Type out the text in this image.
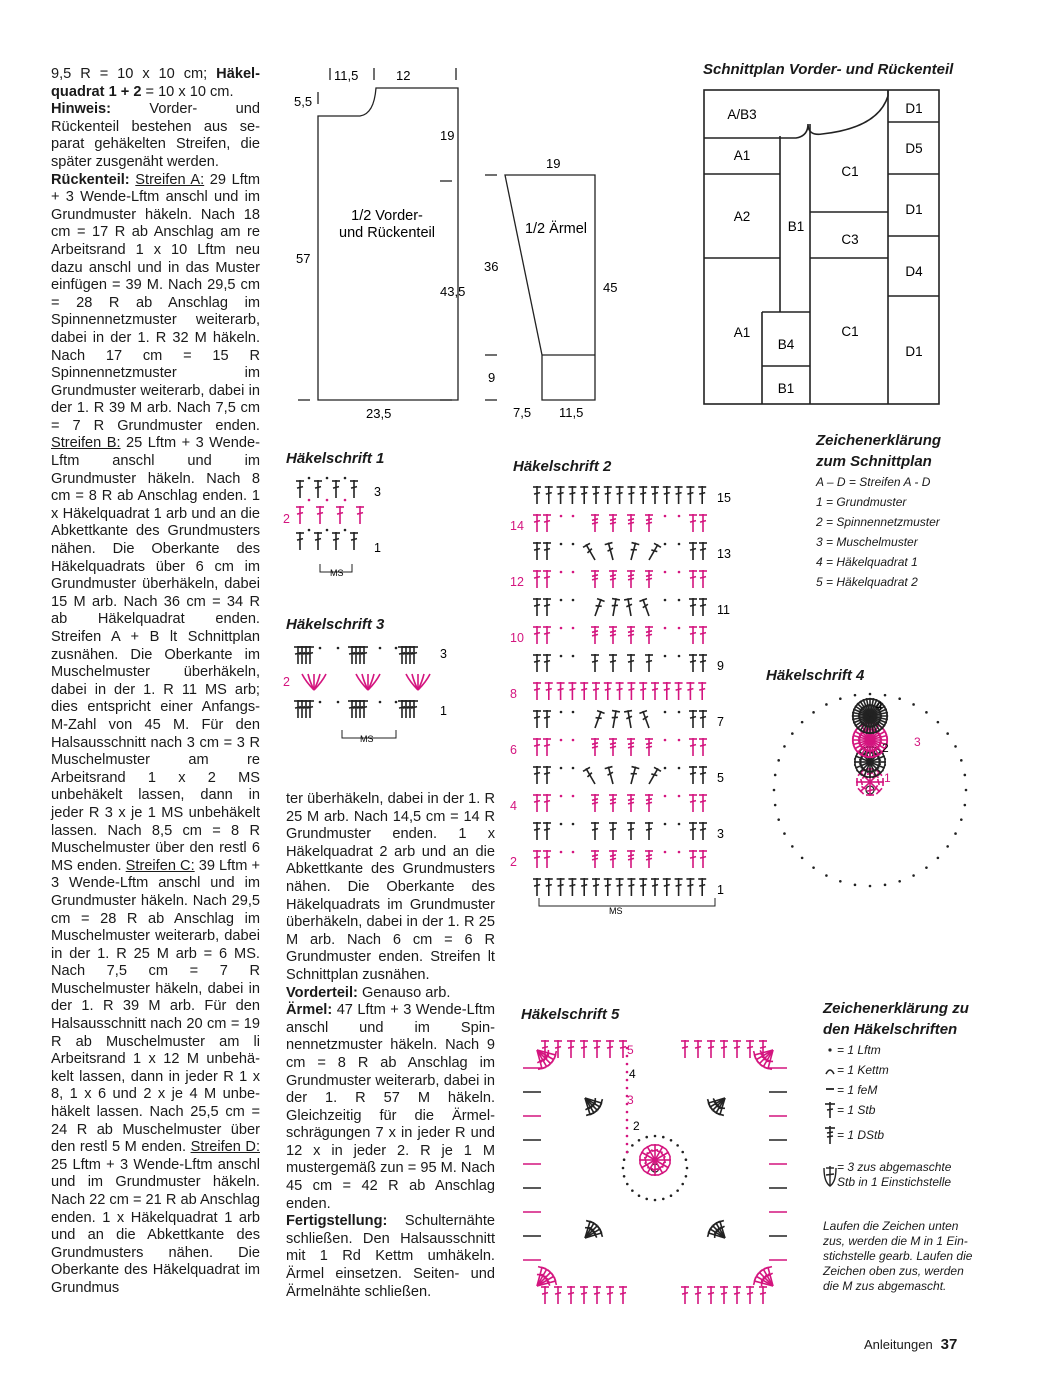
9,5 R = 10 x 10 cm; Häkelquadrat 1 + 2 = 10 x 10 cm.

Hinweis: Vorder- und Rückenteil bestehen aus separat gehäkelten Streifen, die später zusgenäht werden.

Rückenteil: Streifen A: 29 Lftm + 3 Wende-Lftm anschl und im Grundmuster häkeln. Nach 18 cm = 17 R ab Anschlag am re Arbeitsrand 1 x 10 Lftm neu dazu anschl und in das Muster einfügen = 39 M. Nach 29,5 cm = 28 R ab Anschlag im Spinnennetzmuster weiterarb, dabei in der 1. R 32 M häkeln. Nach 17 cm = 15 R Spinnennetzmuster im Grundmuster weiterarb, dabei in der 1. R 39 M arb. Nach 7,5 cm = 7 R Grundmuster enden. Streifen B: 25 Lftm + 3 Wende-Lftm anschl und im Grundmuster häkeln. Nach 8 cm = 8 R ab Anschlag enden. 1 x Häkelquadrat 1 arb und an die Abkettkante des Grundmusters nähen. Die Oberkante des Häkelquadrats über 6 cm im Grundmuster überhäkeln, dabei 15 M arb. Nach 36 cm = 34 R ab Häkelquadrat enden. Streifen A + B lt Schnittplan zusnähen. Die Oberkante im Muschelmuster überhäkeln, dabei in der 1. R 11 MS arb; dies entspricht einer Anfangs-M-Zahl von 45 M. Für den Halsausschnitt nach 3 cm = 3 R Muschelmuster am re Arbeitsrand 1 x 2 MS unbehäkelt lassen, dann in jeder R 3 x je 1 MS unbehäkelt lassen. Nach 8,5 cm = 8 R Muschelmuster über den restl 6 MS enden. Streifen C: 39 Lftm + 3 Wende-Lftm anschl und im Grundmuster häkeln. Nach 29,5 cm = 28 R ab Anschlag im Muschelmuster weiterarb, dabei in der 1. R 25 M arb = 6 MS. Nach 7,5 cm = 7 R Muschelmuster häkeln, dabei in der 1. R 39 M arb. Für den Halsausschnitt nach 20 cm = 19 R ab Muschelmuster am li Arbeitsrand 1 x 12 M unbehäkelt lassen, dann in jeder R 1 x 8, 1 x 6 und 2 x je 4 M unbehäkelt lassen. Nach 25,5 cm = 24 R ab Muschelmuster über den restl 5 M enden. Streifen D: 25 Lftm + 3 Wende-Lftm anschl und im Grundmuster häkeln. Nach 22 cm = 21 R ab Anschlag enden. 1 x Häkelquadrat 1 arb und an die Abkettkante des Grundmusters nähen. Die Oberkante des Häkelquadrat im Grundmus

ter überhäkeln, dabei in der 1. R 25 M arb. Nach 14,5 cm = 14 R Grundmuster enden. 1 x Häkelquadrat 2 arb und an die Abkettkante des Grundmusters nähen. Die Oberkante des Häkelquadrats im Grundmuster überhäkeln, dabei in der 1. R 25 M arb. Nach 6 cm = 6 R Grundmuster enden. Streifen lt Schnittplan zusnähen.

Vorderteil: Genauso arb.

Ärmel: 47 Lftm + 3 Wende-Lftm anschl und im Spinnennetzmuster häkeln. Nach 9 cm = 8 R ab Anschlag im Grundmuster weiterarb, dabei in der 1. R 57 M häkeln. Gleichzeitig für die Ärmelschrägungen 7 x in jeder R und 12 x in jeder 2. R je 1 M mustergemäß zun = 95 M. Nach 45 cm = 42 R ab Anschlag enden.

Fertigstellung: Schulternähte schließen. Den Halsausschnitt mit 1 Rd Kettm umhäkeln. Ärmel einsetzen. Seiten- und Ärmelnähte schließen.

11,5	12
5,5
19
57
43,5
23,5
1/2 Vorder-und Rückenteil
19
36
45
9
7,5 11,5
1/2 Ärmel
Schnittplan Vorder- und Rückenteil
A/B3
A1
A2
A1
B1
B4
B1
C1
C3
C1
D1
D5
D1
D4
D1
Zeichenerklärung
zum Schnittplan
A – D = Streifen A - D
1 = Grundmuster
2 = Spinnennetzmuster
3 = Muschelmuster
4 = Häkelquadrat 1
5 = Häkelquadrat 2
Häkelschrift 1	Häkelschrift 2
Häkelschrift 3
Häkelschrift 4
Häkelschrift 5
3
2
1
MS
3
2
1
MS
15
13
11
9
7
5
3
1
14
12
10
8
6
4
2
MS
4
3
2
1
5
4
3
2
Zeichenerklärung zu
den Häkelschriften
= 1 Lftm
= 1 Kettm
= 1 feM
= 1 Stb
= 1 DStb
= 3 zus abgemaschte
Stb in 1 Einstichstelle
Laufen die Zeichen unten zus, werden die M in 1 Einstichstelle gearb. Laufen die Zeichen oben zus, werden die M zus abgemascht.
Anleitungen 37
